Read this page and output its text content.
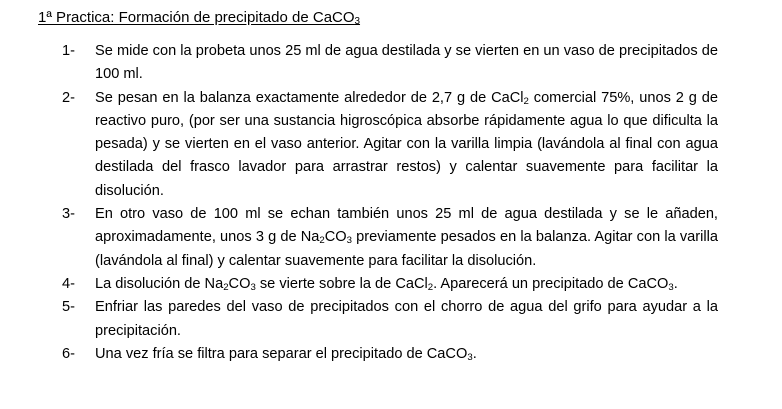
1ª Practica: Formación de precipitado de CaCO$_3$
1- Se mide con la probeta unos 25 ml de agua destilada y se vierten en un vaso de precipitados de 100 ml.
2- Se pesan en la balanza exactamente alrededor de 2,7 g de CaCl$_2$ comercial 75%, unos 2 g de reactivo puro, (por ser una sustancia higroscópica absorbe rápidamente agua lo que dificulta la pesada) y se vierten en el vaso anterior. Agitar con la varilla limpia (lavándola al final con agua destilada del frasco lavador para arrastrar restos) y calentar suavemente para facilitar la disolución.
3- En otro vaso de 100 ml se echan también unos 25 ml de agua destilada y se le añaden, aproximadamente, unos 3 g de $Na_2CO_3$ previamente pesados en la balanza. Agitar con la varilla (lavándola al final) y calentar suavemente para facilitar la disolución.
4- La disolución de $Na_2CO_3$ se vierte sobre la de CaCl$_2$. Aparecerá un precipitado de CaCO$_3$.
5- Enfriar las paredes del vaso de precipitados con el chorro de agua del grifo para ayudar a la precipitación.
6- Una vez fría se filtra para separar el precipitado de CaCO$_3$.
